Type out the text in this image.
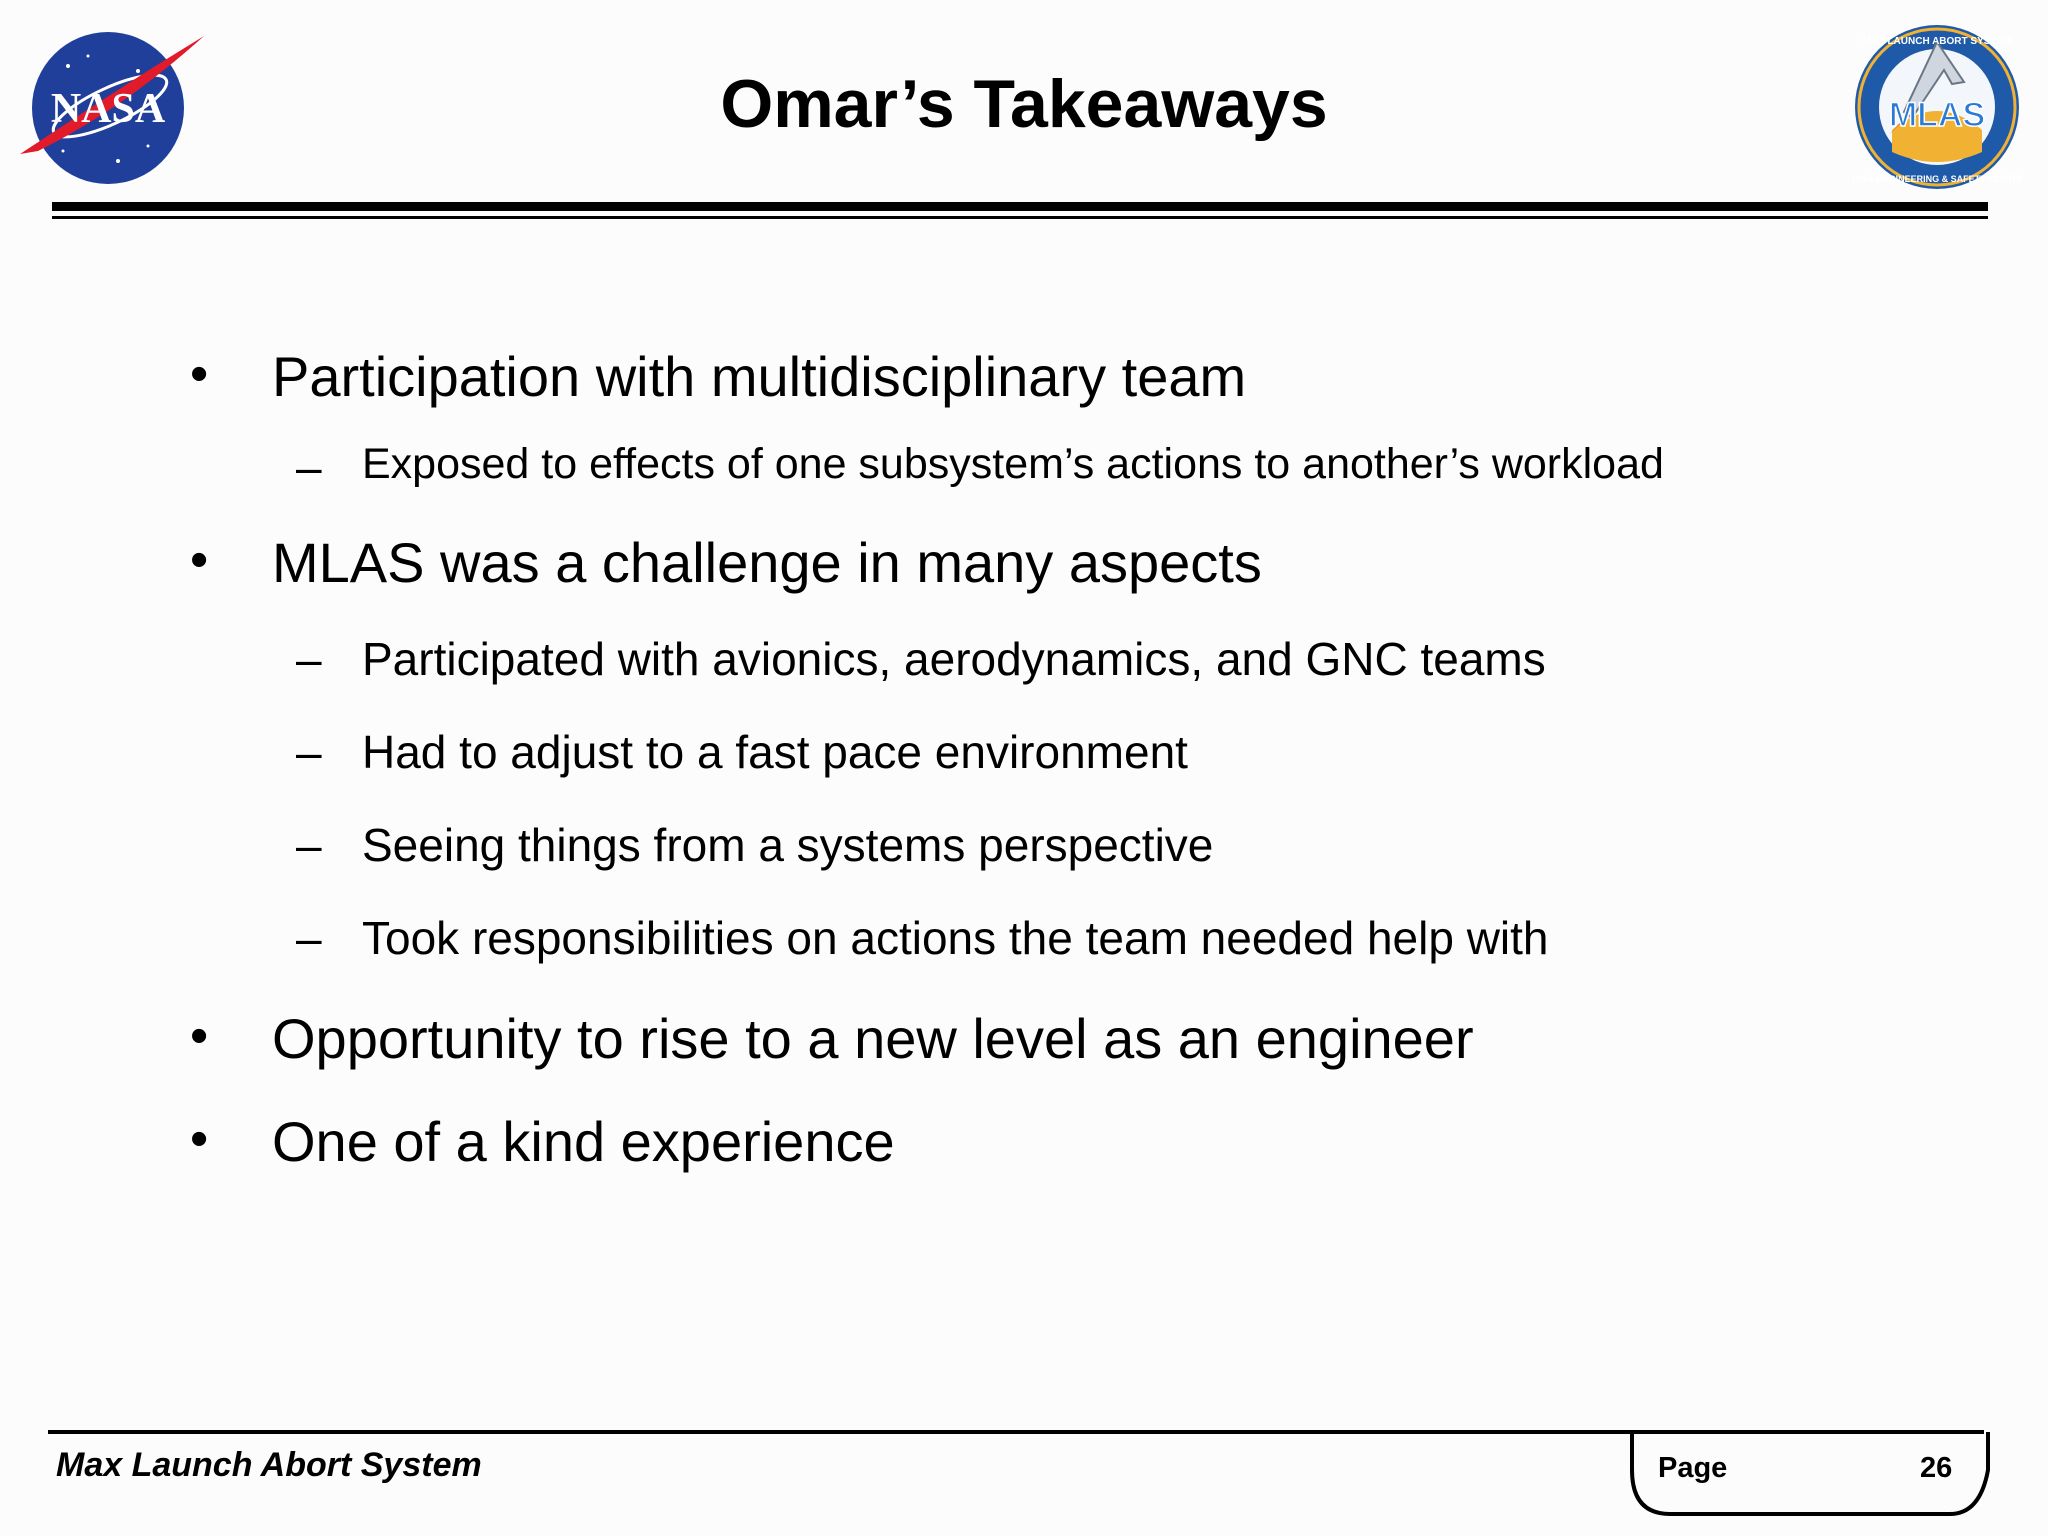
NASA	MLAS
MAX LAUNCH ABORT SYSTEM
NASA ENGINEERING & SAFETY CENTER
Omar’s Takeaways
• Participation with multidisciplinary team
– Exposed to effects of one subsystem’s actions to another’s workload
• MLAS was a challenge in many aspects
– Participated with avionics, aerodynamics, and GNC teams
– Had to adjust to a fast pace environment
– Seeing things from a systems perspective
– Took responsibilities on actions the team needed help with
• Opportunity to rise to a new level as an engineer
• One of a kind experience
Max Launch Abort System	Page	26
